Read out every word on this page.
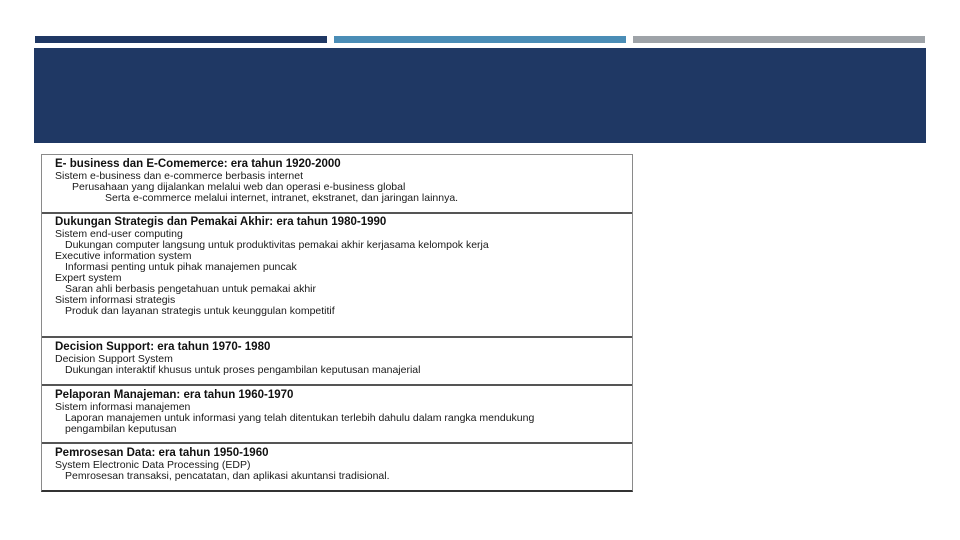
E- business dan E-Comemerce: era tahun 1920-2000
Sistem e-business dan e-commerce berbasis internet
Perusahaan yang dijalankan melalui web dan operasi e-business global
Serta e-commerce melalui internet, intranet, ekstranet, dan jaringan lainnya.
Dukungan Strategis dan Pemakai Akhir: era tahun 1980-1990
Sistem end-user computing
Dukungan computer langsung untuk produktivitas pemakai akhir kerjasama kelompok kerja
Executive information system
Informasi penting untuk pihak manajemen puncak
Expert system
Saran ahli berbasis pengetahuan untuk pemakai akhir
Sistem informasi strategis
Produk dan layanan strategis untuk keunggulan kompetitif
Decision Support: era tahun 1970- 1980
Decision Support System
Dukungan interaktif khusus untuk proses pengambilan keputusan manajerial
Pelaporan Manajeman: era tahun 1960-1970
Sistem informasi manajemen
Laporan manajemen untuk informasi yang telah ditentukan terlebih dahulu dalam rangka mendukung pengambilan keputusan
Pemrosesan Data: era tahun 1950-1960
System Electronic Data Processing (EDP)
Pemrosesan transaksi, pencatatan, dan aplikasi akuntansi tradisional.
